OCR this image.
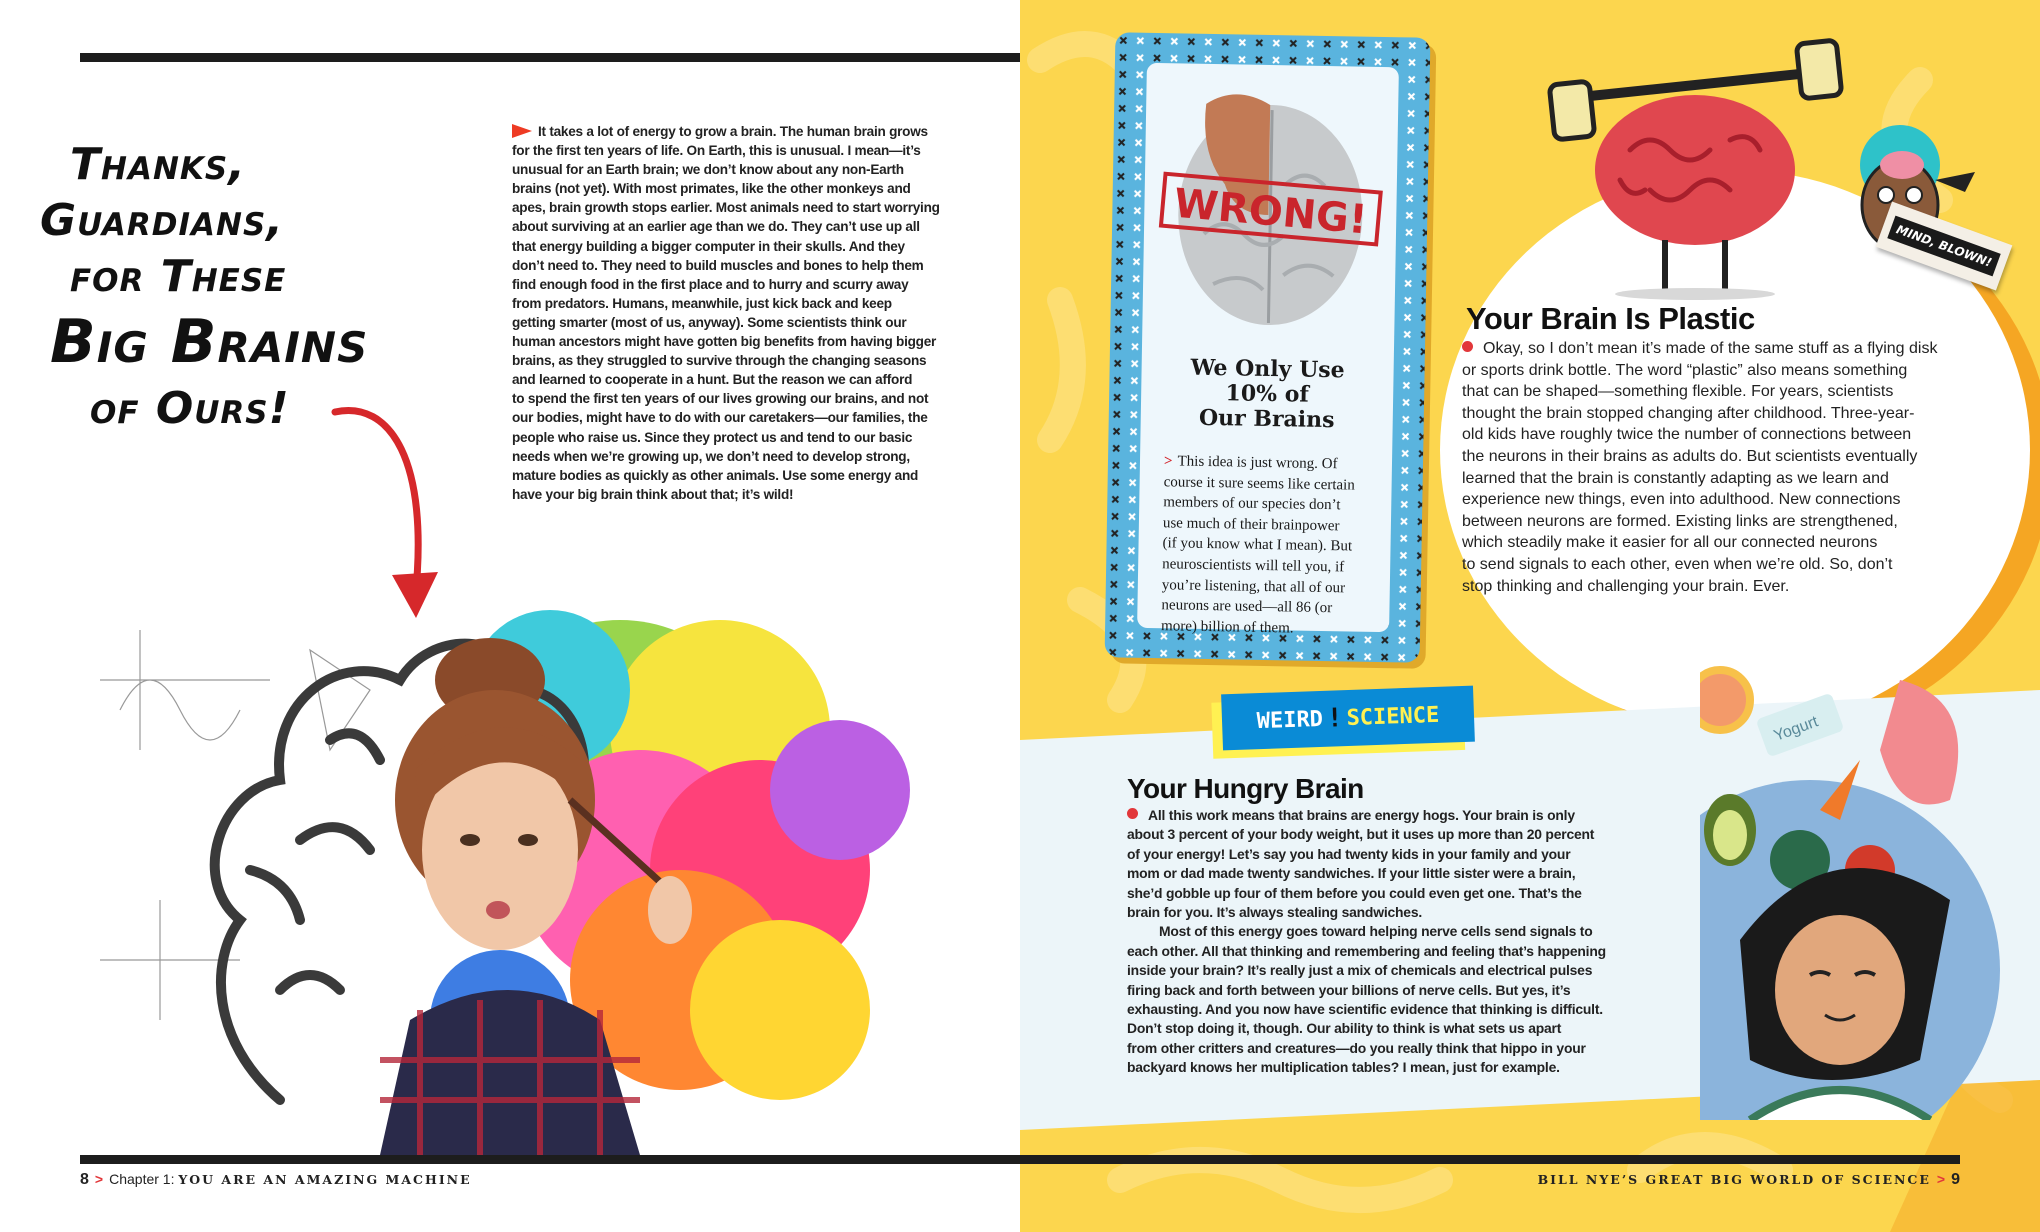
Thanks,
Guardians,
for These
Big Brains
of Ours!
It takes a lot of energy to grow a brain. The human brain grows
for the first ten years of life. On Earth, this is unusual. I mean—it’s
unusual for an Earth brain; we don’t know about any non-Earth
brains (not yet). With most primates, like the other monkeys and
apes, brain growth stops earlier. Most animals need to start worrying
about surviving at an earlier age than we do. They can’t use up all
that energy building a bigger computer in their skulls. And they
don’t need to. They need to build muscles and bones to help them
find enough food in the first place and to hurry and scurry away
from predators. Humans, meanwhile, just kick back and keep
getting smarter (most of us, anyway). Some scientists think our
human ancestors might have gotten big benefits from having bigger
brains, as they struggled to survive through the changing seasons
and learned to cooperate in a hunt. But the reason we can afford
to spend the first ten years of our lives growing our brains, and not
our bodies, might have to do with our caretakers—our families, the
people who raise us. Since they protect us and tend to our basic
needs when we’re growing up, we don’t need to develop strong,
mature bodies as quickly as other animals. Use some energy and
have your big brain think about that; it’s wild!
WRONG!
We Only Use
10% of
Our Brains
> This idea is just wrong. Of
course it sure seems like certain
members of our species don’t
use much of their brainpower
(if you know what I mean). But
neuroscientists will tell you, if
you’re listening, that all of our
neurons are used—all 86 (or
more) billion of them.
MIND, BLOWN!
Your Brain Is Plastic
Okay, so I don’t mean it’s made of the same stuff as a flying disk
or sports drink bottle. The word “plastic” also means something
that can be shaped—something flexible. For years, scientists
thought the brain stopped changing after childhood. Three-year-
old kids have roughly twice the number of connections between
the neurons in their brains as adults do. But scientists eventually
learned that the brain is constantly adapting as we learn and
experience new things, even into adulthood. New connections
between neurons are formed. Existing links are strengthened,
which steadily make it easier for all our connected neurons
to send signals to each other, even when we’re old. So, don’t
stop thinking and challenging your brain. Ever.
Yogurt
WEIRD ! SCIENCE
Your Hungry Brain
All this work means that brains are energy hogs. Your brain is only
about 3 percent of your body weight, but it uses up more than 20 percent
of your energy! Let’s say you had twenty kids in your family and your
mom or dad made twenty sandwiches. If your little sister were a brain,
she’d gobble up four of them before you could even get one. That’s the
brain for you. It’s always stealing sandwiches.
Most of this energy goes toward helping nerve cells send signals to
each other. All that thinking and remembering and feeling that’s happening
inside your brain? It’s really just a mix of chemicals and electrical pulses
firing back and forth between your billions of nerve cells. But yes, it’s
exhausting. And you now have scientific evidence that thinking is difficult.
Don’t stop doing it, though. Our ability to think is what sets us apart
from other critters and creatures—do you really think that hippo in your
backyard knows her multiplication tables? I mean, just for example.
8 > Chapter 1: YOU ARE AN AMAZING MACHINE	BILL NYE’S GREAT BIG WORLD OF SCIENCE > 9
